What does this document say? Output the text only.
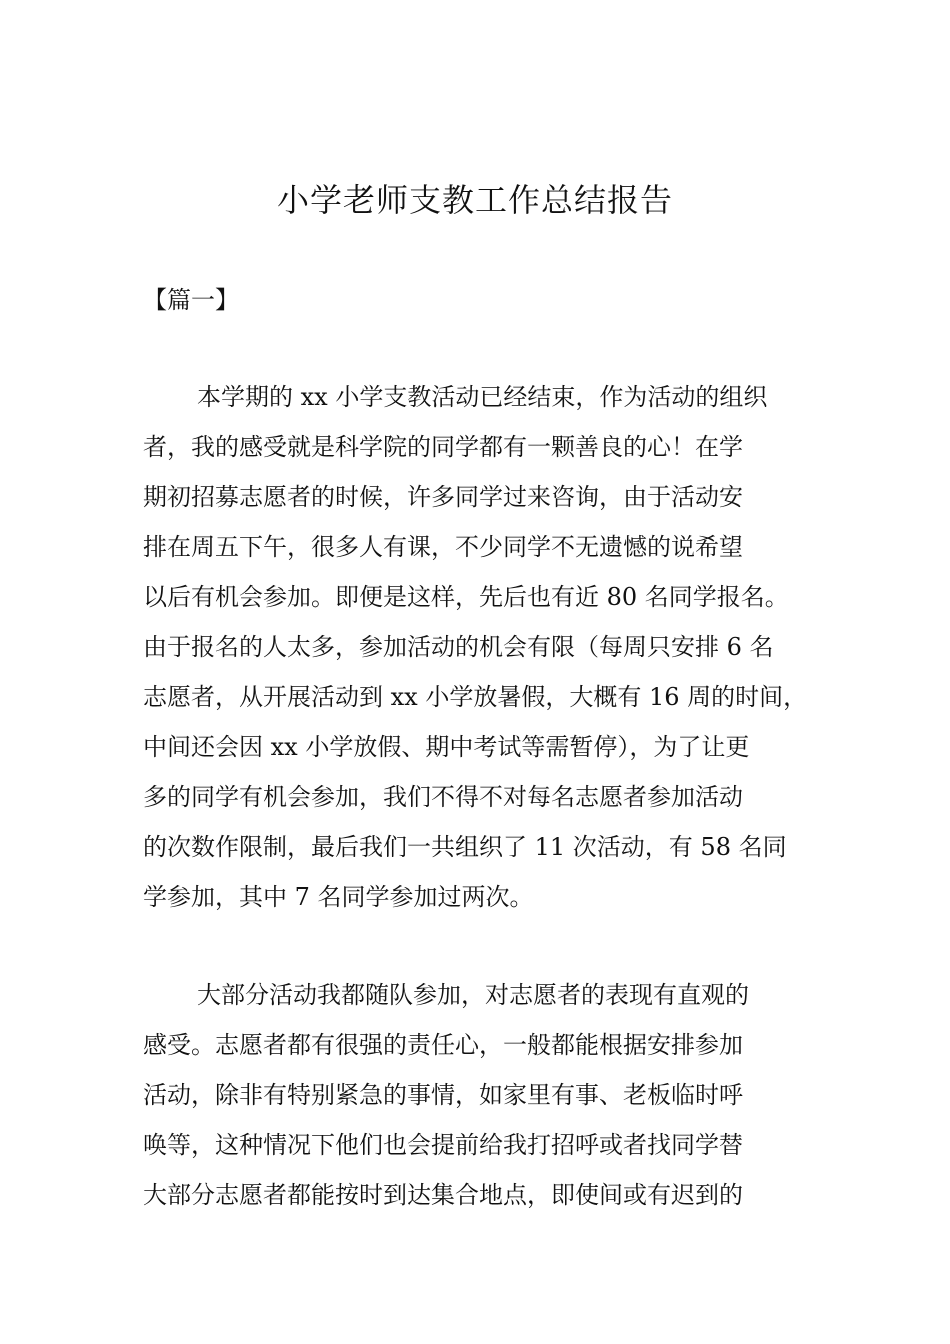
小学老师支教工作总结报告
【篇一】
本学期的 xx 小学支教活动已经结束，作为活动的组织
者，我的感受就是科学院的同学都有一颗善良的心！在学
期初招募志愿者的时候，许多同学过来咨询，由于活动安
排在周五下午，很多人有课，不少同学不无遗憾的说希望
以后有机会参加。即便是这样，先后也有近 80 名同学报名。
由于报名的人太多，参加活动的机会有限（每周只安排 6 名
志愿者，从开展活动到 xx 小学放暑假，大概有 16 周的时间，
中间还会因 xx 小学放假、期中考试等需暂停），为了让更
多的同学有机会参加，我们不得不对每名志愿者参加活动
的次数作限制，最后我们一共组织了 11 次活动，有 58 名同
学参加，其中 7 名同学参加过两次。
大部分活动我都随队参加，对志愿者的表现有直观的
感受。志愿者都有很强的责任心，一般都能根据安排参加
活动，除非有特别紧急的事情，如家里有事、老板临时呼
唤等，这种情况下他们也会提前给我打招呼或者找同学替
大部分志愿者都能按时到达集合地点，即使间或有迟到的
